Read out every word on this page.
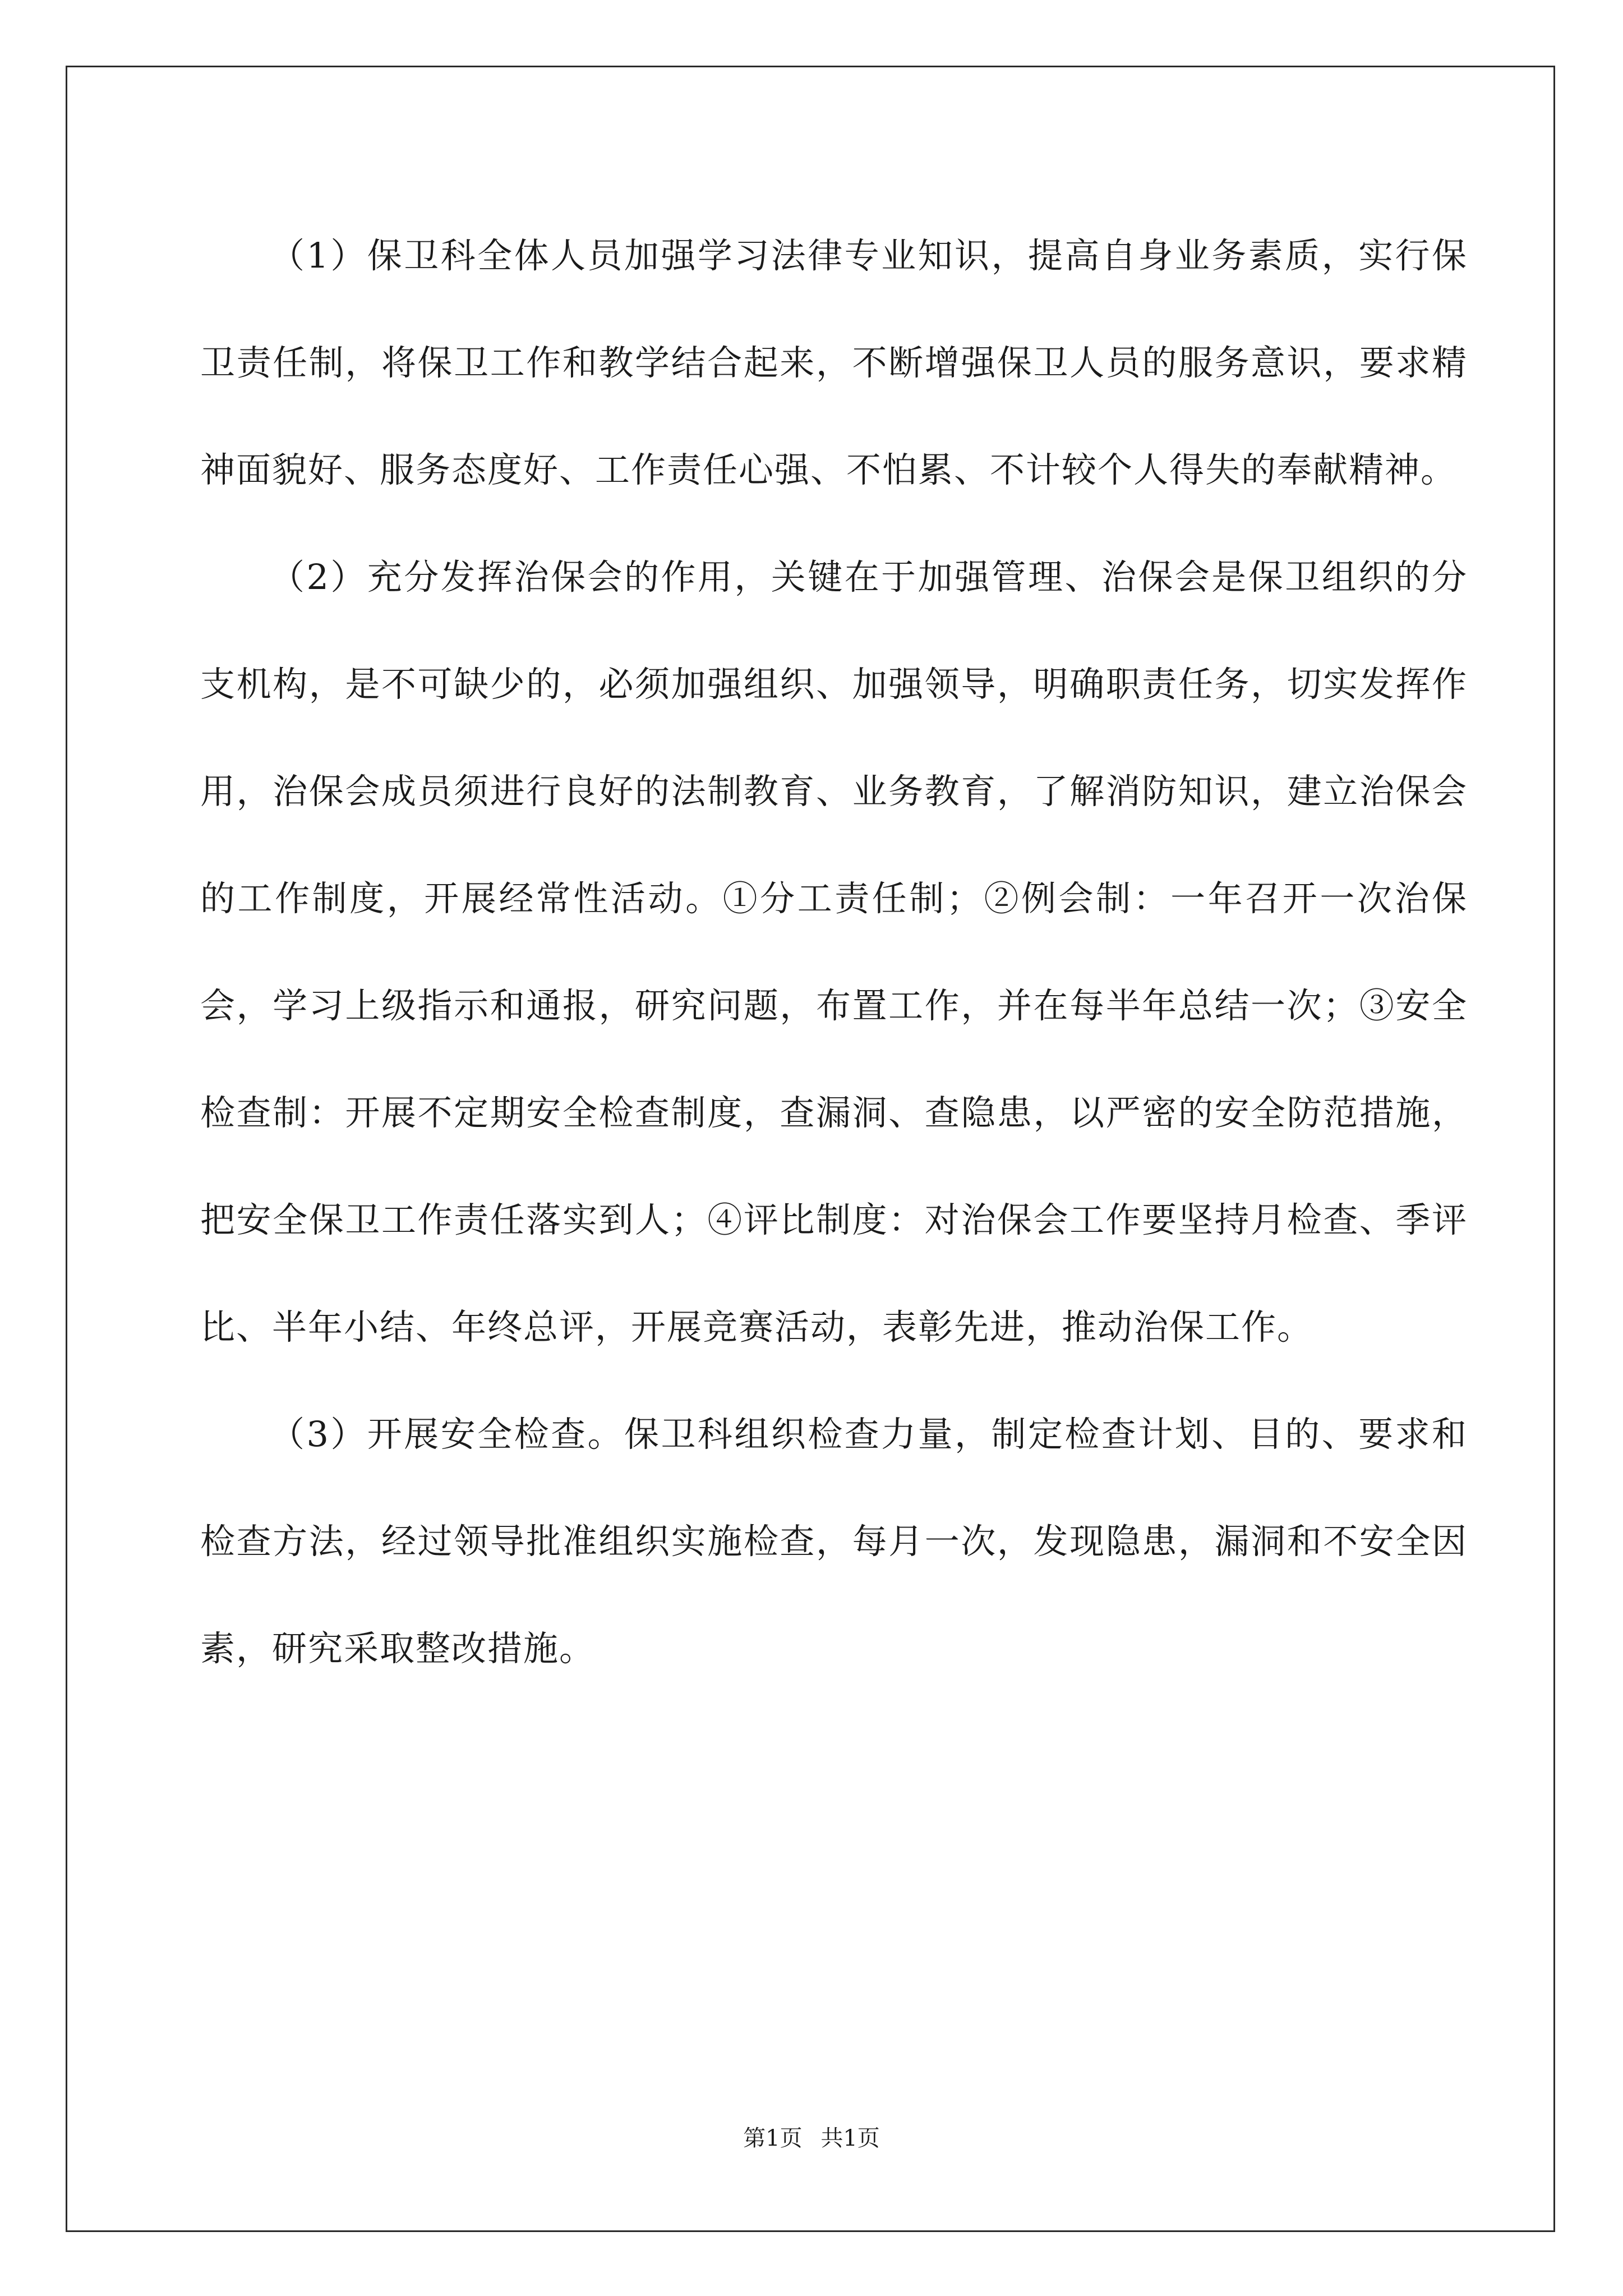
（1）保卫科全体人员加强学习法律专业知识，提高自身业务素质，实行保卫责任制，将保卫工作和教学结合起来，不断增强保卫人员的服务意识，要求精神面貌好、服务态度好、工作责任心强、不怕累、不计较个人得失的奉献精神。

（2）充分发挥治保会的作用，关键在于加强管理、治保会是保卫组织的分支机构，是不可缺少的，必须加强组织、加强领导，明确职责任务，切实发挥作用，治保会成员须进行良好的法制教育、业务教育，了解消防知识，建立治保会的工作制度，开展经常性活动。①分工责任制；②例会制：一年召开一次治保会，学习上级指示和通报，研究问题，布置工作，并在每半年总结一次；③安全检查制：开展不定期安全检查制度，查漏洞、查隐患，以严密的安全防范措施，把安全保卫工作责任落实到人；④评比制度：对治保会工作要坚持月检查、季评比、半年小结、年终总评，开展竞赛活动，表彰先进，推动治保工作。

（3）开展安全检查。保卫科组织检查力量，制定检查计划、目的、要求和检查方法，经过领导批准组织实施检查，每月一次，发现隐患，漏洞和不安全因素，研究采取整改措施。

第1页 共1页
